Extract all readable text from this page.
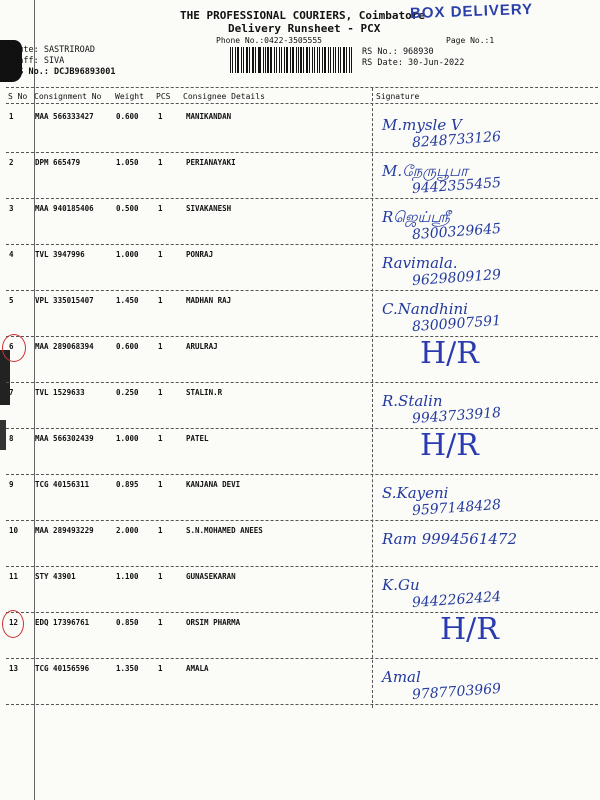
THE PROFESSIONAL COURIERS, Coimbatore
Delivery Runsheet - PCX
Phone No.:0422-3505555	Page No.:1
BOX DELIVERY
Route: SASTRIROAD
Staff: SIVA
DRS No.: DCJB96893001
RS No.: 968930
RS Date: 30-Jun-2022
S No Consignment No Weight PCS Consignee Details	Signature
1	MAA 566333427	0.600	1	MANIKANDAN	M.mysle V
8248733126
2	DPM 665479	1.050	1	PERIANAYAKI	M.நேருபூபா
9442355455
3	MAA 940185406	0.500	1	SIVAKANESH	Rஜெய்ஸ்ரீ
8300329645
4	TVL 3947996	1.000	1	PONRAJ	Ravimala.
9629809129
5	VPL 335015407	1.450	1	MADHAN RAJ	C.Nandhini
8300907591
6	MAA 289068394	0.600	1	ARULRAJ	H/R
7	TVL 1529633	0.250	1	STALIN.R	R.Stalin
9943733918
8	MAA 566302439	1.000	1	PATEL	H/R
9	TCG 40156311	0.895	1	KANJANA DEVI	S.Kayeni
9597148428
10 MAA 289493229	2.000	1	S.N.MOHAMED ANEES	Ram 9994561472
11 STY 43901	1.100	1	GUNASEKARAN	K.Gu
9442262424
12 EDQ 17396761	0.850	1	ORSIM PHARMA	H/R
13 TCG 40156596	1.350	1	AMALA	Amal
9787703969
